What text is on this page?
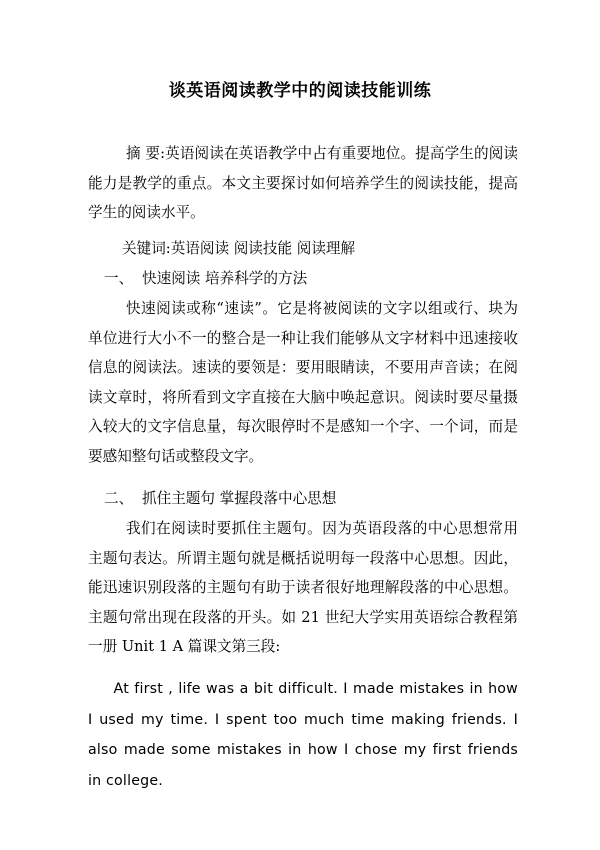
谈英语阅读教学中的阅读技能训练

摘 要:英语阅读在英语教学中占有重要地位。提高学生的阅读能力是教学的重点。本文主要探讨如何培养学生的阅读技能，提高学生的阅读水平。

关键词:英语阅读 阅读技能 阅读理解
一、 快速阅读 培养科学的方法

快速阅读或称“速读”。它是将被阅读的文字以组或行、块为单位进行大小不一的整合是一种让我们能够从文字材料中迅速接收信息的阅读法。速读的要领是：要用眼睛读，不要用声音读；在阅读文章时，将所看到文字直接在大脑中唤起意识。阅读时要尽量摄入较大的文字信息量，每次眼停时不是感知一个字、一个词，而是要感知整句话或整段文字。

二、 抓住主题句 掌握段落中心思想

我们在阅读时要抓住主题句。因为英语段落的中心思想常用主题句表达。所谓主题句就是概括说明每一段落中心思想。因此，能迅速识别段落的主题句有助于读者很好地理解段落的中心思想。主题句常出现在段落的开头。如 21 世纪大学实用英语综合教程第一册 Unit 1 A 篇课文第三段:

At first , life was a bit difficult. I made mistakes in how I used my time. I spent too much time making friends. I also made some mistakes in how I chose my first friends in college.
